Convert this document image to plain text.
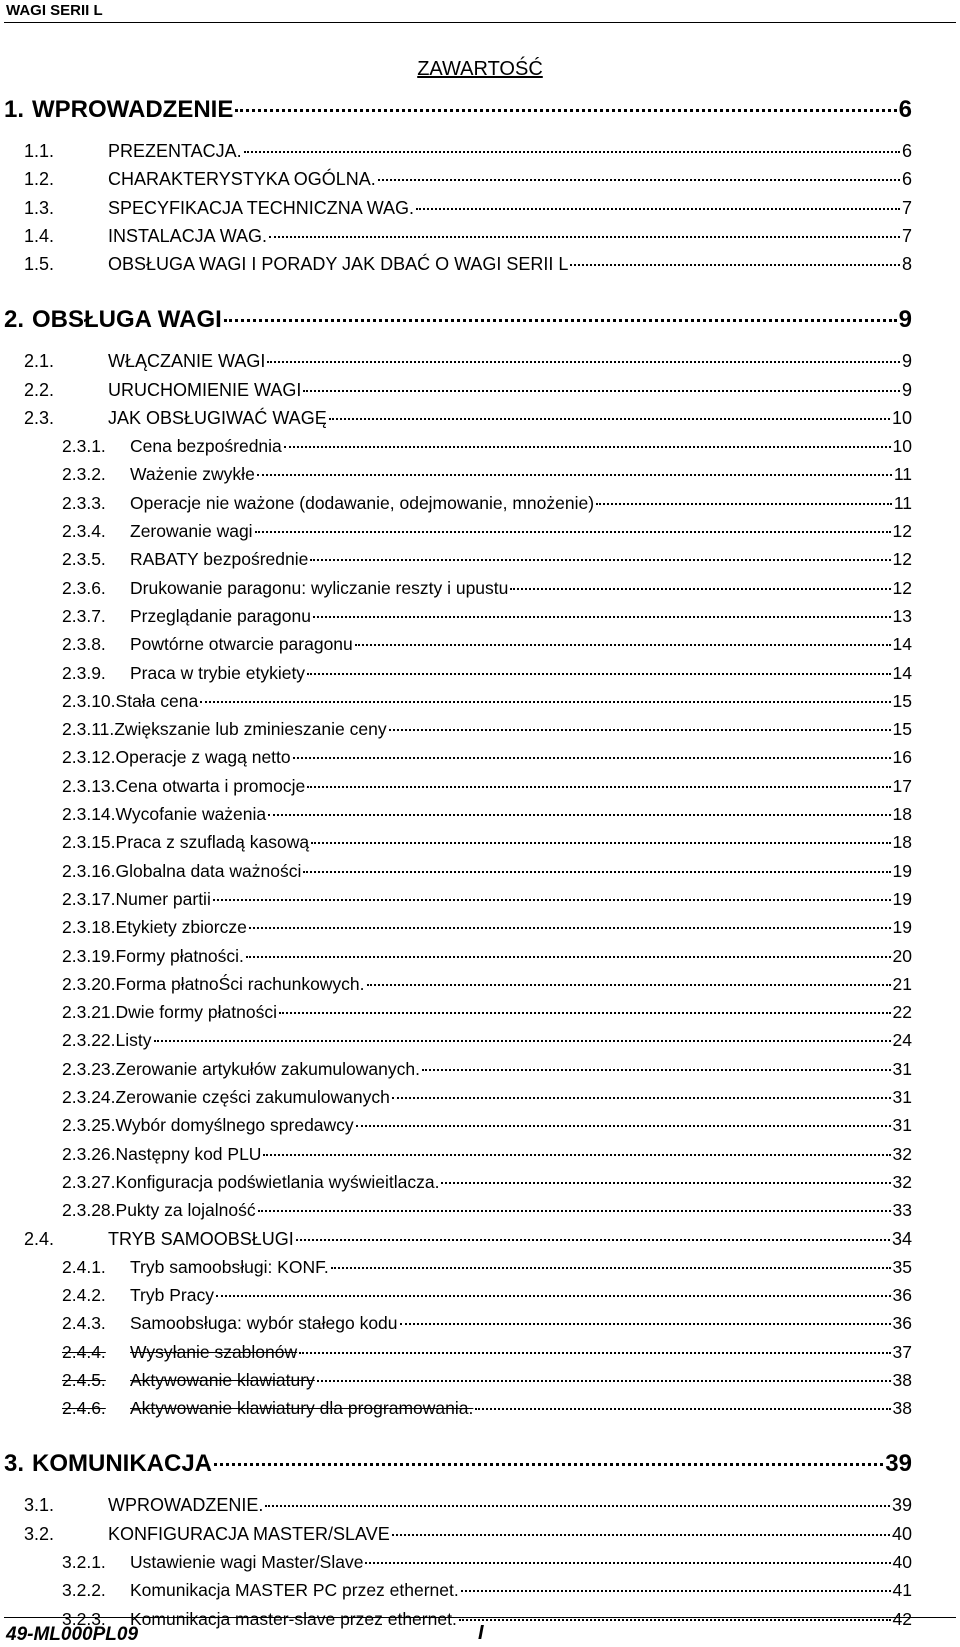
WAGI SERII L
ZAWARTOŚĆ
1. WPROWADZENIE	6
1.1.	PREZENTACJA.	6
1.2.	CHARAKTERYSTYKA OGÓLNA.	6
1.3.	SPECYFIKACJA TECHNICZNA WAG.	7
1.4.	INSTALACJA WAG.	7
1.5.	OBSŁUGA WAGI I PORADY JAK DBAĆ O WAGI SERII L	8
2. OBSŁUGA WAGI	9
2.1.	WŁĄCZANIE WAGI	9
2.2.	URUCHOMIENIE WAGI	9
2.3.	JAK OBSŁUGIWAĆ WAGĘ	10
2.3.1.	Cena bezpośrednia	10
2.3.2.	Ważenie zwykłe	11
2.3.3.	Operacje nie ważone (dodawanie, odejmowanie, mnożenie)	11
2.3.4.	Zerowanie wagi	12
2.3.5.	RABATY bezpośrednie	12
2.3.6.	Drukowanie paragonu: wyliczanie reszty i upustu	12
2.3.7.	Przeglądanie paragonu	13
2.3.8.	Powtórne otwarcie paragonu	14
2.3.9.	Praca w trybie etykiety	14
2.3.10. Stała cena	15
2.3.11. Zwiększanie lub zminieszanie ceny	15
2.3.12. Operacje z wagą netto	16
2.3.13. Cena otwarta i promocje	17
2.3.14. Wycofanie ważenia	18
2.3.15. Praca z szufladą kasową	18
2.3.16. Globalna data ważności	19
2.3.17. Numer partii	19
2.3.18. Etykiety zbiorcze	19
2.3.19. Formy płatności.	20
2.3.20. Forma płatnoŚci rachunkowych.	21
2.3.21. Dwie formy płatności	22
2.3.22. Listy	24
2.3.23. Zerowanie artykułów zakumulowanych.	31
2.3.24. Zerowanie części zakumulowanych	31
2.3.25. Wybór domyślnego spredawcy	31
2.3.26. Następny kod PLU	32
2.3.27. Konfiguracja podświetlania wyświeitlacza.	32
2.3.28. Pukty za lojalność	33
2.4.	TRYB SAMOOBSŁUGI	34
2.4.1.	Tryb samoobsługi: KONF.	35
2.4.2.	Tryb Pracy	36
2.4.3.	Samoobsługa: wybór stałego kodu	36
2.4.4.	Wysyłanie szablonów	37
2.4.5.	Aktywowanie klawiatury	38
2.4.6.	Aktywowanie klawiatury dla programowania.	38
3. KOMUNIKACJA	39
3.1.	WPROWADZENIE.	39
3.2.	KONFIGURACJA MASTER/SLAVE	40
3.2.1.	Ustawienie wagi Master/Slave	40
3.2.2.	Komunikacja MASTER PC przez ethernet.	41
3.2.3.	Komunikacja master-slave przez ethernet.	42
49-ML000PL09	I
